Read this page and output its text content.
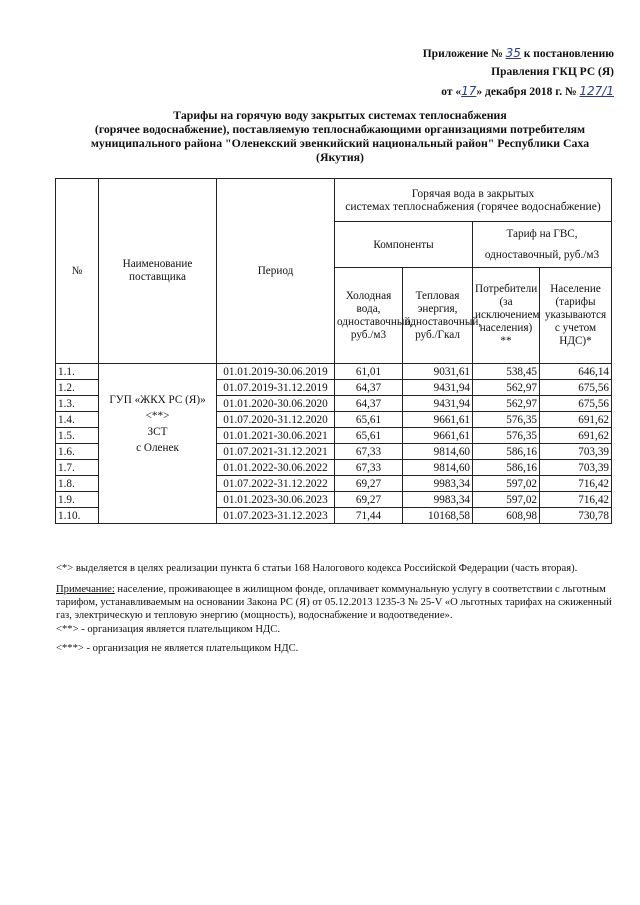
Приложение № 35 к постановлению
Правления ГКЦ РС (Я)
от «17» декабря 2018 г. № 127/1
Тарифы на горячую воду закрытых системах теплоснабжения
(горячее водоснабжение), поставляемую теплоснабжающими организациями потребителям
муниципального района "Оленекский эвенкийский национальный район" Республики Саха
(Якутия)
№	Наименование поставщика	Период	Горячая вода в закрытых
системах теплоснабжения (горячее водоснабжение)			

			Компоненты		Тариф на ГВС,
одноставочный, руб./м3	

			Холодная вода, одноставочный, руб./м3	Тепловая энергия, одноставочный, руб./Гкал	Потребители (за исключением населения) **	Население (тарифы указываются с учетом НДС)*
1.1.	ГУП «ЖКХ РС (Я)»
<**>
ЗСТ
с Оленек	01.01.2019-30.06.2019	61,01	9031,61	538,45	646,14
1.2.		01.07.2019-31.12.2019	64,37	9431,94	562,97	675,56
1.3.		01.01.2020-30.06.2020	64,37	9431,94	562,97	675,56
1.4.		01.07.2020-31.12.2020	65,61	9661,61	576,35	691,62
1.5.		01.01.2021-30.06.2021	65,61	9661,61	576,35	691,62
1.6.		01.07.2021-31.12.2021	67,33	9814,60	586,16	703,39
1.7.		01.01.2022-30.06.2022	67,33	9814,60	586,16	703,39
1.8.		01.07.2022-31.12.2022	69,27	9983,34	597,02	716,42
1.9.		01.01.2023-30.06.2023	69,27	9983,34	597,02	716,42
1.10.		01.07.2023-31.12.2023	71,44	10168,58	608,98	730,78
<*> выделяется в целях реализации пункта 6 статьи 168 Налогового кодекса Российской Федерации (часть вторая).
Примечание: население, проживающее в жилищном фонде, оплачивает коммунальную услугу в соответствии с льготным тарифом, устанавливаемым на основании Закона РС (Я) от 05.12.2013 1235-З № 25-V «О льготных тарифах на сжиженный газ, электрическую и тепловую энергию (мощность), водоснабжение и водоотведение».
<**> - организация является плательщиком НДС.
<***> - организация не является плательщиком НДС.
